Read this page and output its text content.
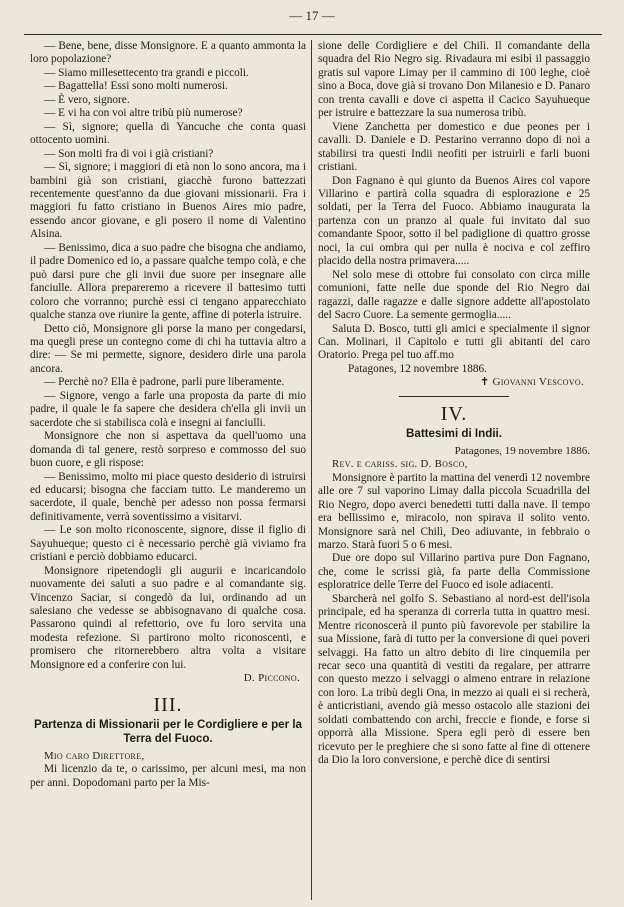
— 17 —

— Bene, bene, disse Monsignore. E a quanto ammonta la loro popolazione?

— Siamo millesettecento tra grandi e piccoli.

— Bagattella! Essi sono molti numerosi.

— È vero, signore.

— E vi ha con voi altre tribù più numerose?

— Sì, signore; quella di Yancuche che conta quasi ottocento uomini.

— Son molti fra di voi i già cristiani?

— Sì, signore; i maggiori di età non lo sono ancora, ma i bambini già son cristiani, giacchè furono battezzati recentemente quest'anno da due giovani missionarii. Fra i maggiori fu fatto cristiano in Buenos Aires mio padre, essendo ancor giovane, e gli posero il nome di Valentino Alsina.

— Benissimo, dica a suo padre che bisogna che andiamo, il padre Domenico ed io, a passare qualche tempo colà, e che può darsi pure che gli invii due suore per insegnare alle fanciulle. Allora prepareremo a ricevere il battesimo tutti coloro che vorranno; purchè essi ci tengano apparecchiato qualche stanza ove riunire la gente, affine di poterla istruire.

Detto ciò, Monsignore gli porse la mano per congedarsi, ma quegli prese un contegno come di chi ha tuttavia altro a dire: — Se mi permette, signore, desidero dirle una parola ancora.

— Perchè no? Ella è padrone, parli pure liberamente.

— Signore, vengo a farle una proposta da parte di mio padre, il quale le fa sapere che desidera ch'ella gli invii un sacerdote che si stabilisca colà e insegni ai fanciulli.

Monsignore che non si aspettava da quell'uomo una domanda di tal genere, restò sorpreso e commosso del suo buon cuore, e gli rispose:

— Benissimo, molto mi piace questo desiderio di istruirsi ed educarsi; bisogna che facciam tutto. Le manderemo un sacerdote, il quale, benchè per adesso non possa fermarsi definitivamente, verrà soventissimo a visitarvi.

— Le son molto riconoscente, signore, disse il figlio di Sayuhueque; questo ci è necessario perchè già viviamo fra cristiani e perciò dobbiamo educarci.

Monsignore ripetendogli gli augurii e incaricandolo nuovamente dei saluti a suo padre e al comandante sig. Vincenzo Saciar, si congedò da lui, ordinando ad un salesiano che vedesse se abbisognavano di qualche cosa. Passarono quindi al refettorio, ove fu loro servita una modesta refezione. Si partirono molto riconoscenti, e promisero che ritornerebbero altra volta a visitare Monsignore ed a conferire con lui.

D. Piccono.

III.
Partenza di Missionarii per le Cordigliere e per la Terra del Fuoco.

Mio caro Direttore,

Mi licenzio da te, o carissimo, per alcuni mesi, ma non per anni. Dopodomani parto per la Mis-

sione delle Cordigliere e del Chilì. Il comandante della squadra del Rio Negro sig. Rivadaura mi esibì il passaggio gratis sul vapore Limay per il cammino di 100 leghe, cioè sino a Boca, dove già si trovano Don Milanesio e D. Panaro con trenta cavalli e dove ci aspetta il Cacico Sayuhueque per istruire e battezzare la sua numerosa tribù.

Viene Zanchetta per domestico e due peones per i cavalli. D. Daniele e D. Pestarino verranno dopo di noi a stabilirsi tra questi Indii neofiti per istruirli e farli buoni cristiani.

Don Fagnano è qui giunto da Buenos Aires col vapore Villarino e partirà colla squadra di esplorazione e 25 soldati, per la Terra del Fuoco. Abbiamo inaugurata la partenza con un pranzo al quale fui invitato dal suo comandante Spoor, sotto il bel padiglione di quattro grosse noci, la cui ombra qui per nulla è nociva e col zeffiro placido della nostra primavera.....

Nel solo mese di ottobre fui consolato con circa mille comunioni, fatte nelle due sponde del Rio Negro dai ragazzi, dalle ragazze e dalle signore addette all'apostolato del Sacro Cuore. La semente germoglia.....

Saluta D. Bosco, tutti gli amici e specialmente il signor Can. Molinari, il Capitolo e tutti gli abitanti del caro Oratorio. Prega pel tuo aff.mo

Patagones, 12 novembre 1886.

✝ Giovanni Vescovo.

IV.
Battesimi di Indii.

Patagones, 19 novembre 1886.

Rev. e cariss. sig. D. Bosco,

Monsignore è partito la mattina del venerdì 12 novembre alle ore 7 sul vaporino Limay dalla piccola Scuadrilla del Rio Negro, dopo averci benedetti tutti dalla nave. Il tempo era bellissimo e, miracolo, non spirava il solito vento. Monsignore sarà nel Chilì, Deo adiuvante, in febbraio o marzo. Starà fuori 5 o 6 mesi.

Due ore dopo sul Villarino partiva pure Don Fagnano, che, come le scrissi già, fa parte della Commissione esploratrice delle Terre del Fuoco ed isole adiacenti.

Sbarcherà nel golfo S. Sebastiano al nord-est dell'isola principale, ed ha speranza di correrla tutta in quattro mesi. Mentre riconoscerà il punto più favorevole per stabilire la sua Missione, farà di tutto per la conversione di quei poveri selvaggi. Ha fatto un altro debito di lire cinquemila per recar seco una quantità di vestiti da regalare, per attrarre con questo mezzo i selvaggi o almeno entrare in relazione con loro. La tribù degli Ona, in mezzo ai quali ei si recherà, è anticristiani, avendo già messo ostacolo alle stazioni dei soldati combattendo con archi, freccie e fionde, e forse si opporrà alla Missione. Spera egli però di essere ben ricevuto per le preghiere che si sono fatte al fine di ottenere da Dio la loro conversione, e perchè dice di sentirsi
